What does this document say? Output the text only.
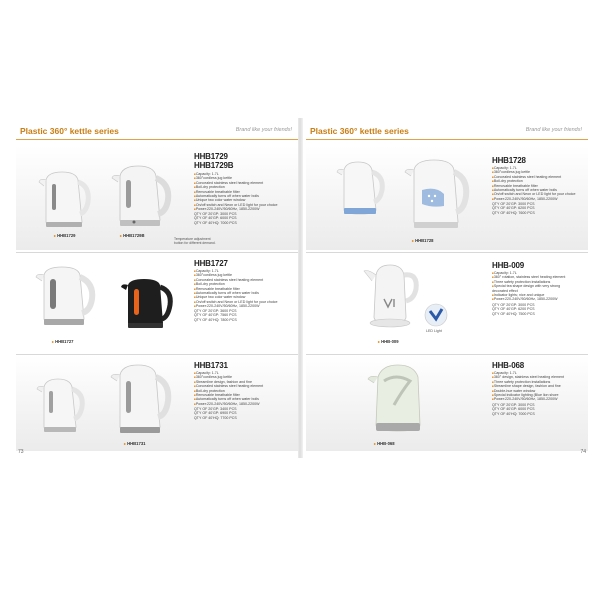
Plastic 360° kettle series	Brand like your friends!
▸ HHB1729
▸	HHB1729B
Temperature adjustment button for different demand.
HHB1729
HHB1729B
■ Capacity: 1.7L
■ 360°cordless jug kettle
■ Concealed stainless steel heating element
■ Boil-dry protection
■ Removable breathable filter
■ Automatically turns off when water boils
■ Unique two color water window
■ On/off switch and Neon or LED light for your choice
■ Power:220-240V/50/60Hz, 1850-2200W
QTY OF 20'GP: 3000 PCS
QTY OF 40'GP: 6000 PCS
QTY OF 40'HQ: 7000 PCS
▸ HHB1727
HHB1727
■ Capacity: 1.7L
■ 360°cordless jug kettle
■ Concealed stainless steel heating element
■ Boil-dry protection
■ Removable breathable filter
■ Automatically turns off when water boils
■ Unique two color water window
■ On/off switch and Neon or LED light for your choice
■ Power:220-240V/50/60Hz, 1850-2200W
QTY OF 20'GP: 3600 PCS
QTY OF 40'GP: 7560 PCS
QTY OF 40'HQ: 7800 PCS
▸ HHB1731
HHB1731
■ Capacity: 1.7L
■ 360°cordless jug kettle
■ Streamline design, fashion and fine
■ Concealed stainless steel heating element
■ Boil-dry protection
■ Removable breathable filter
■ Automatically turns off when water boils
■ Power:220-240V/50/60Hz, 1850-2200W
QTY OF 20'GP: 3400 PCS
QTY OF 40'GP: 6900 PCS
QTY OF 40'HQ: 7700 PCS
73
Plastic 360° kettle series	Brand like your friends!
▸ HHB1728
HHB1728
■ Capacity: 1.7L
■ 360°cordless jug kettle
■ Concealed stainless steel heating element
■ Boil-dry protection
■ Removable breathable filter
■ Automatically turns off when water boils
■ On/off switch and Neon or LED light for your choice
■ Power:220-240V/50/60Hz, 1850-2200W
QTY OF 20'GP: 3000 PCS
QTY OF 40'GP: 6200 PCS
QTY OF 40'HQ: 7600 PCS
LED Light
▸ HHB-009
HHB-009
■ Capacity: 1.7L
■ 360° rotation, stainless steel heating element
■ Three safety protection installations
■ Special tea shape design with very strong decorated effect
■ Indicator lights; nice and unique
■ Power:220-240V/50/60Hz, 1850-2200W
QTY OF 20'GP: 3000 PCS
QTY OF 40'GP: 6200 PCS
QTY OF 40'HQ: 7500 PCS
▸ HHB-068
HHB-068
■ Capacity: 1.7L
■ 360° design, stainless steel heating element
■ Three safety protection installations
■ Streamline shape design, fashion and fine
■ Double-hue water window
■ Special indicator lighting (Blue lion shore
■ Power:220-240V/50/60Hz, 1850-2200W
QTY OF 20'GP: 3000 PCS
QTY OF 40'GP: 6000 PCS
QTY OF 40'HQ: 7000 PCS
74
